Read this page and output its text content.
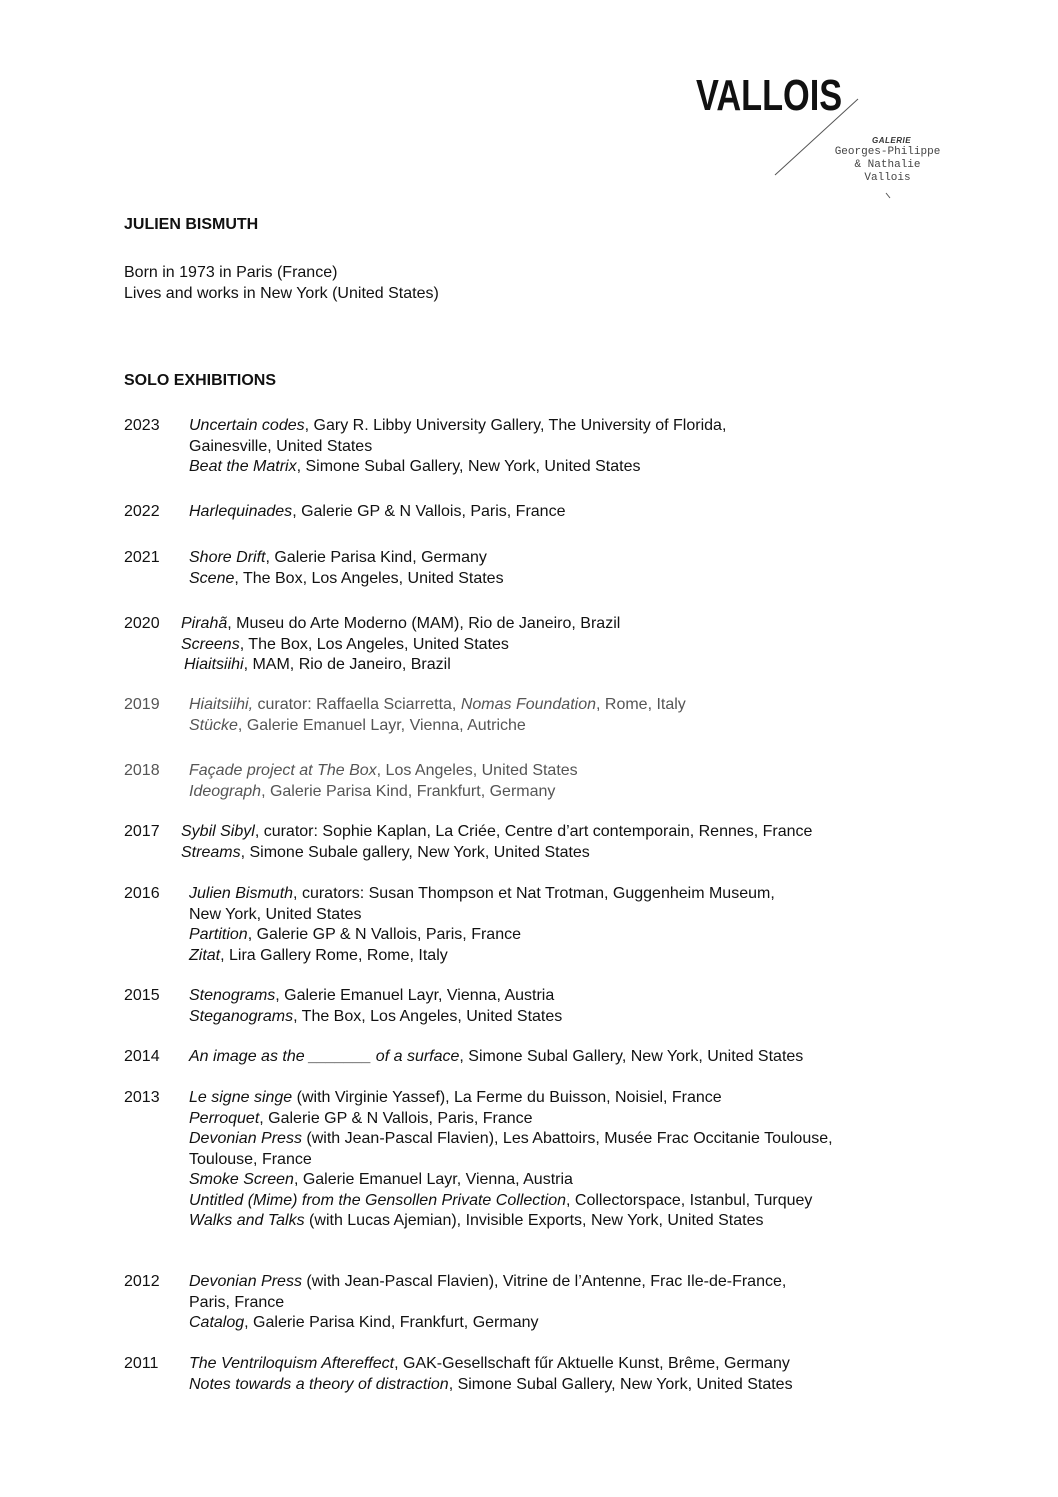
VALLOIS
GALERIE
Georges-Philippe
& Nathalie
Vallois
JULIEN BISMUTH
Born in 1973 in Paris (France)
Lives and works in New York (United States)
SOLO EXHIBITIONS
2023 Uncertain codes, Gary R. Libby University Gallery, The University of Florida,
Gainesville, United States
Beat the Matrix, Simone Subal Gallery, New York, United States
2022 Harlequinades, Galerie GP & N Vallois, Paris, France
2021 Shore Drift, Galerie Parisa Kind, Germany
Scene, The Box, Los Angeles, United States
2020 Pirahã, Museu do Arte Moderno (MAM), Rio de Janeiro, Brazil
Screens, The Box, Los Angeles, United States
Hiaitsiihi, MAM, Rio de Janeiro, Brazil
2019 Hiaitsiihi, curator: Raffaella Sciarretta, Nomas Foundation, Rome, Italy
Stücke, Galerie Emanuel Layr, Vienna, Autriche
2018 Façade project at The Box, Los Angeles, United States
Ideograph, Galerie Parisa Kind, Frankfurt, Germany
2017 Sybil Sibyl, curator: Sophie Kaplan, La Criée, Centre d’art contemporain, Rennes, France
Streams, Simone Subale gallery, New York, United States
2016 Julien Bismuth, curators: Susan Thompson et Nat Trotman, Guggenheim Museum,
New York, United States
Partition, Galerie GP & N Vallois, Paris, France
Zitat, Lira Gallery Rome, Rome, Italy
2015 Stenograms, Galerie Emanuel Layr, Vienna, Austria
Steganograms, The Box, Los Angeles, United States
2014 An image as the _______ of a surface, Simone Subal Gallery, New York, United States
2013 Le signe singe (with Virginie Yassef), La Ferme du Buisson, Noisiel, France
Perroquet, Galerie GP & N Vallois, Paris, France
Devonian Press (with Jean-Pascal Flavien), Les Abattoirs, Musée Frac Occitanie Toulouse,
Toulouse, France
Smoke Screen, Galerie Emanuel Layr, Vienna, Austria
Untitled (Mime) from the Gensollen Private Collection, Collectorspace, Istanbul, Turquey
Walks and Talks (with Lucas Ajemian), Invisible Exports, New York, United States
2012 Devonian Press (with Jean-Pascal Flavien), Vitrine de l’Antenne, Frac Ile-de-France,
Paris, France
Catalog, Galerie Parisa Kind, Frankfurt, Germany
2011 The Ventriloquism Aftereffect, GAK-Gesellschaft fűr Aktuelle Kunst, Brême, Germany
Notes towards a theory of distraction, Simone Subal Gallery, New York, United States
